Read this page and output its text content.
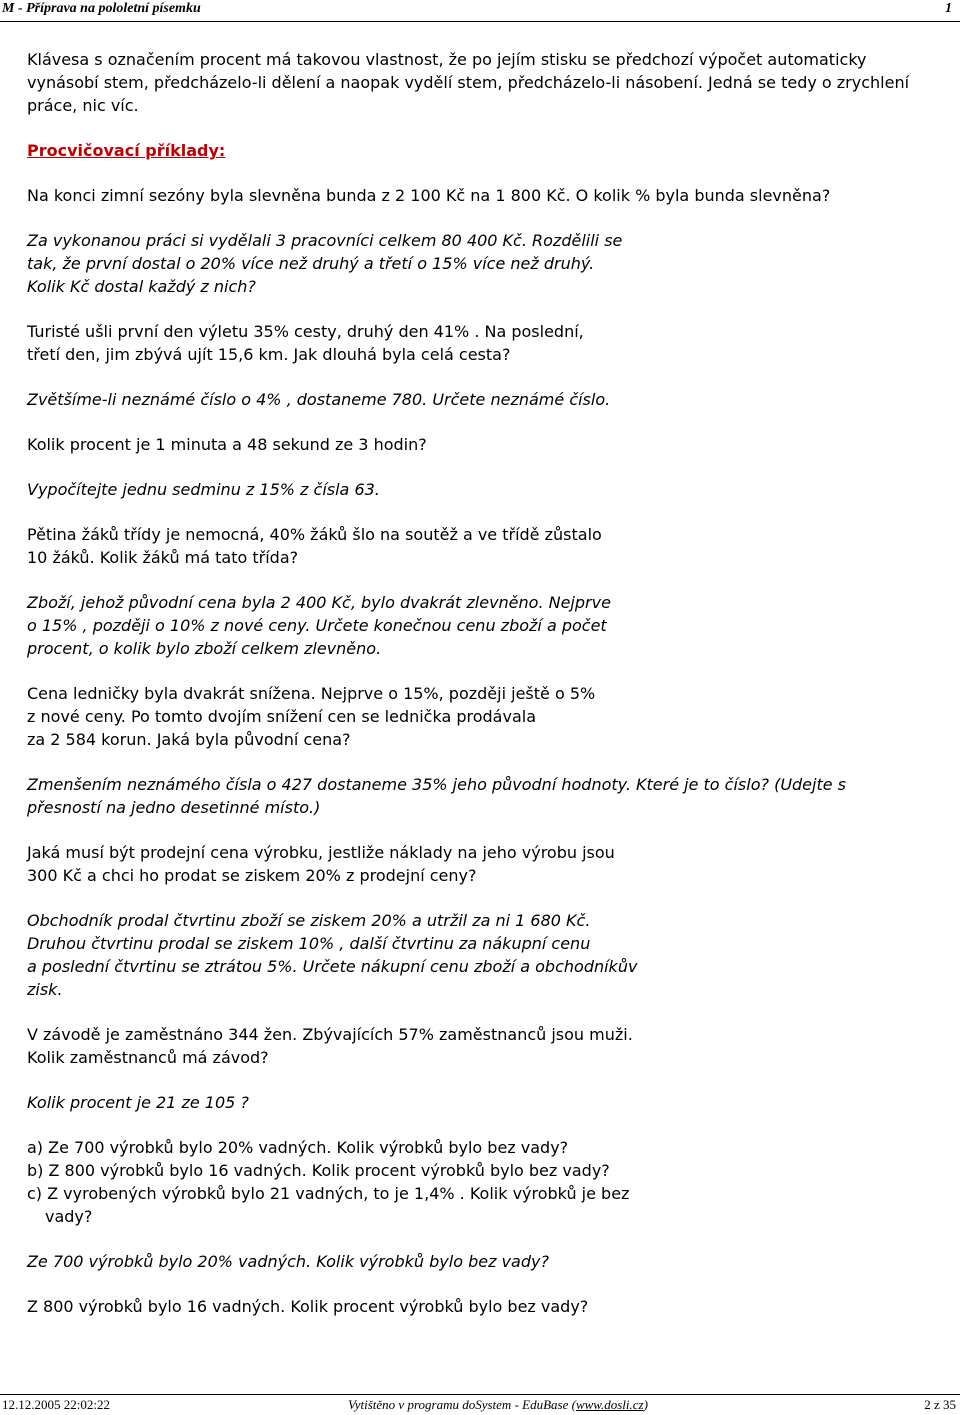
M - Příprava na pololetní písemku	1
Klávesa s označením procent má takovou vlastnost, že po jejím stisku se předchozí výpočet automaticky
vynásobí stem, předcházelo-li dělení a naopak vydělí stem, předcházelo-li násobení. Jedná se tedy o zrychlení
práce, nic víc.
Procvičovací příklady:
Na konci zimní sezóny byla slevněna bunda z 2 100 Kč na 1 800 Kč. O kolik % byla bunda slevněna?
Za vykonanou práci si vydělali 3 pracovníci celkem 80 400 Kč. Rozdělili se
tak, že první dostal o 20% více než druhý a třetí o 15% více než druhý.
Kolik Kč dostal každý z nich?
Turisté ušli první den výletu 35% cesty, druhý den 41% . Na poslední,
třetí den, jim zbývá ujít 15,6 km. Jak dlouhá byla celá cesta?
Zvětšíme-li neznámé číslo o 4% , dostaneme 780. Určete neznámé číslo.
Kolik procent je 1 minuta a 48 sekund ze 3 hodin?
Vypočítejte jednu sedminu z 15% z čísla 63.
Pětina žáků třídy je nemocná, 40% žáků šlo na soutěž a ve třídě zůstalo
10 žáků. Kolik žáků má tato třída?
Zboží, jehož původní cena byla 2 400 Kč, bylo dvakrát zlevněno. Nejprve
o 15% , později o 10% z nové ceny. Určete konečnou cenu zboží a počet
procent, o kolik bylo zboží celkem zlevněno.
Cena ledničky byla dvakrát snížena. Nejprve o 15%, později ještě o 5%
z nové ceny. Po tomto dvojím snížení cen se lednička prodávala
za 2 584 korun. Jaká byla původní cena?
Zmenšením neznámého čísla o 427 dostaneme 35% jeho původní hodnoty. Které je to číslo? (Udejte s
přesností na jedno desetinné místo.)
Jaká musí být prodejní cena výrobku, jestliže náklady na jeho výrobu jsou
300 Kč a chci ho prodat se ziskem 20% z prodejní ceny?
Obchodník prodal čtvrtinu zboží se ziskem 20% a utržil za ni 1 680 Kč.
Druhou čtvrtinu prodal se ziskem 10% , další čtvrtinu za nákupní cenu
a poslední čtvrtinu se ztrátou 5%. Určete nákupní cenu zboží a obchodníkův
zisk.
V závodě je zaměstnáno 344 žen. Zbývajících 57% zaměstnanců jsou muži.
Kolik zaměstnanců má závod?
Kolik procent je 21 ze 105 ?
a) Ze 700 výrobků bylo 20% vadných. Kolik výrobků bylo bez vady?
b) Z 800 výrobků bylo 16 vadných. Kolik procent výrobků bylo bez vady?
c) Z vyrobených výrobků bylo 21 vadných, to je 1,4% . Kolik výrobků je bez
vady?
Ze 700 výrobků bylo 20% vadných. Kolik výrobků bylo bez vady?
Z 800 výrobků bylo 16 vadných. Kolik procent výrobků bylo bez vady?
12.12.2005 22:02:22	Vytištěno v programu doSystem - EduBase (www.dosli.cz)	2 z 35
